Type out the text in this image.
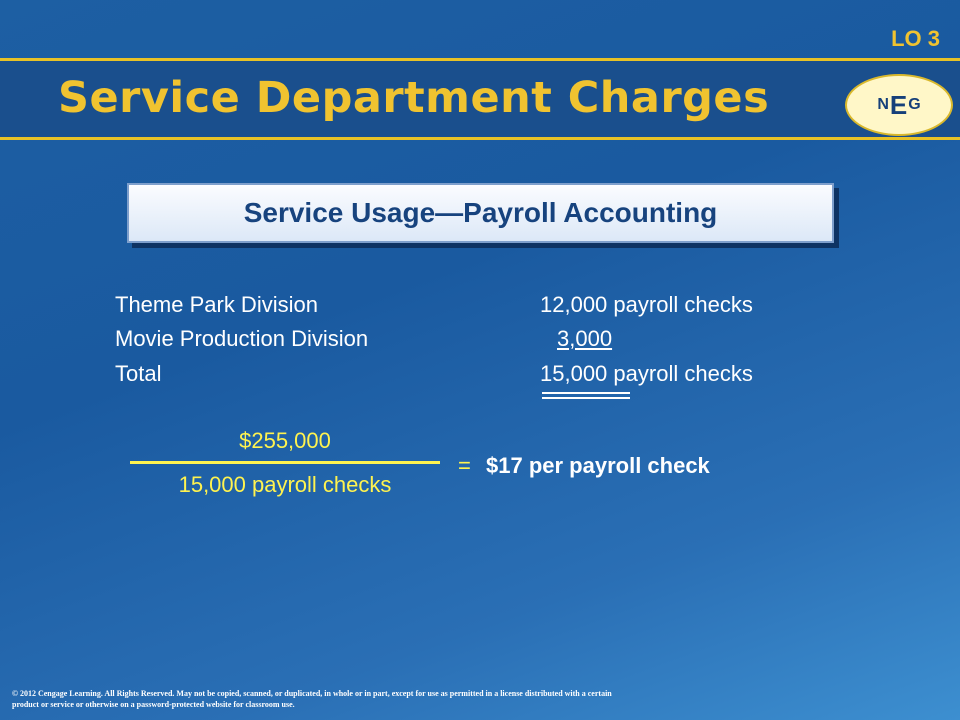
LO 3
Service Department Charges	N E G
Service Usage—Payroll Accounting
Theme Park Division	12,000 payroll checks
Movie Production Division	3,000
Total	15,000 payroll checks
$255,000
15,000 payroll checks
= $17 per payroll check
© 2012 Cengage Learning. All Rights Reserved. May not be copied, scanned, or duplicated, in whole or in part, except for use as permitted in a license distributed with a certain product or service or otherwise on a password-protected website for classroom use.
